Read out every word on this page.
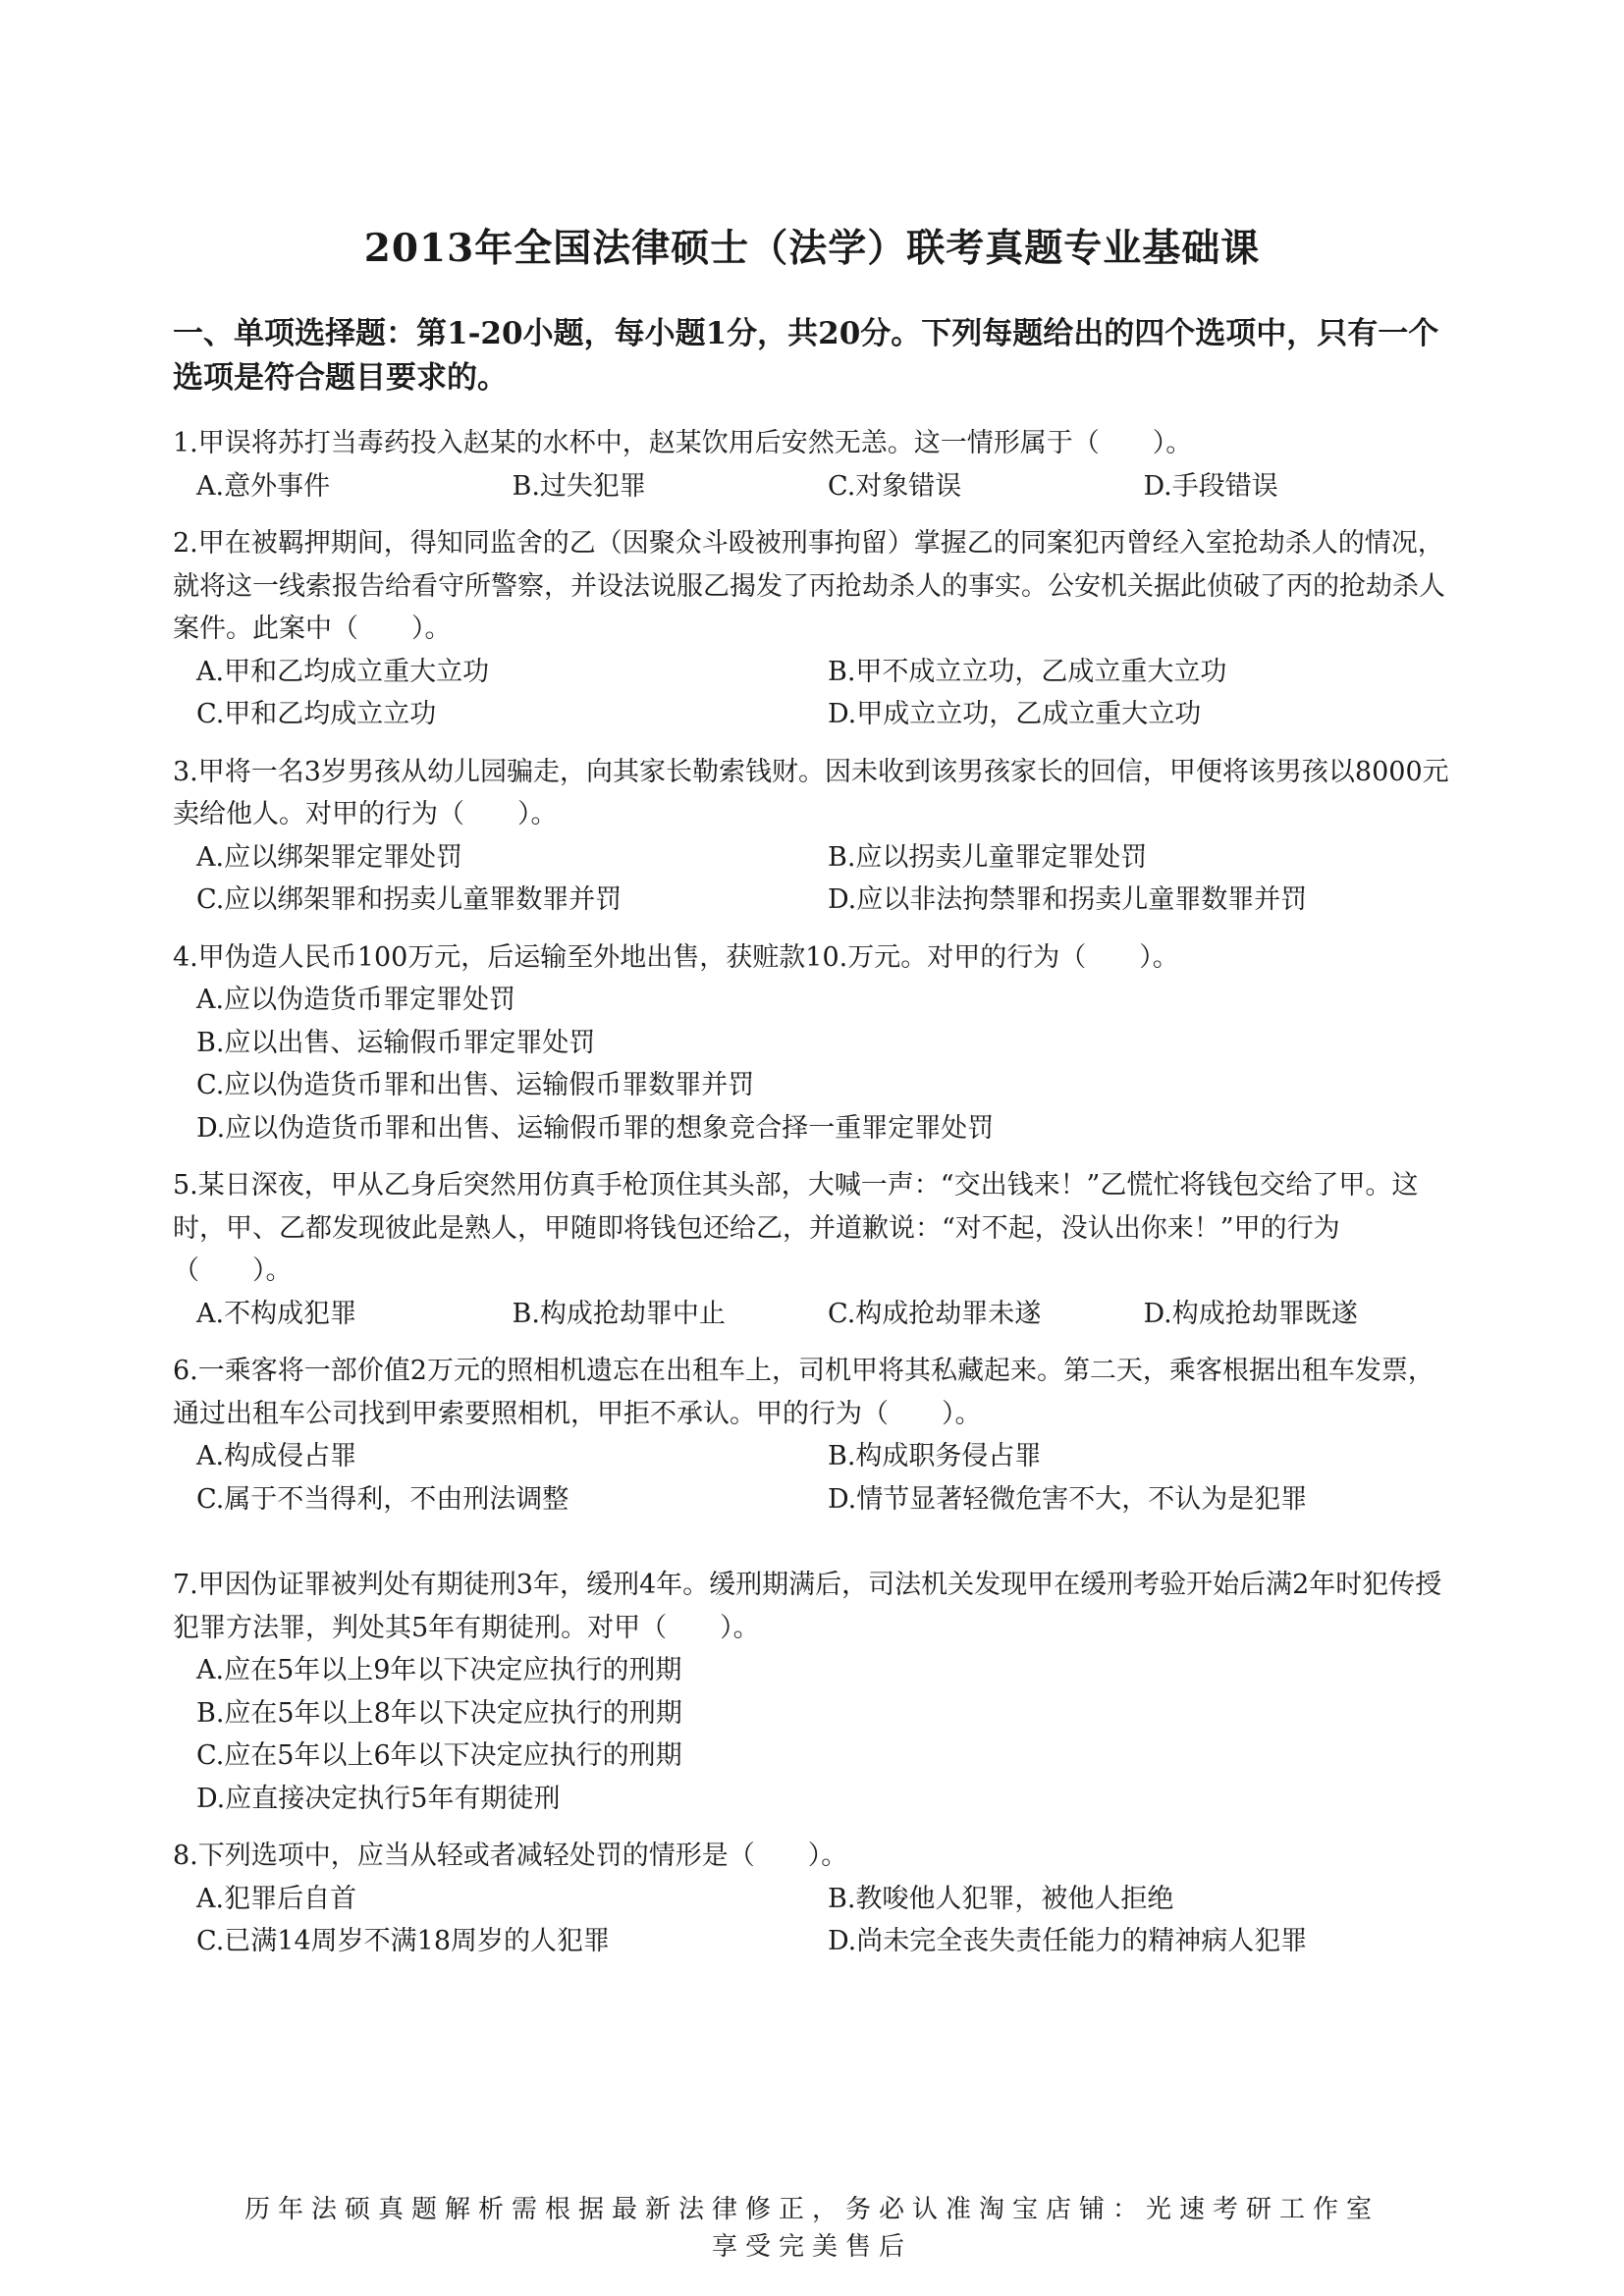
2013年全国法律硕士（法学）联考真题专业基础课
一、单项选择题：第1-20小题，每小题1分，共20分。下列每题给出的四个选项中，只有一个选项是符合题目要求的。

1.甲误将苏打当毒药投入赵某的水杯中，赵某饮用后安然无恙。这一情形属于（　　）。

A.意外事件	B.过失犯罪	C.对象错误	D.手段错误

2.甲在被羁押期间，得知同监舍的乙（因聚众斗殴被刑事拘留）掌握乙的同案犯丙曾经入室抢劫杀人的情况，就将这一线索报告给看守所警察，并设法说服乙揭发了丙抢劫杀人的事实。公安机关据此侦破了丙的抢劫杀人案件。此案中（　　）。

A.甲和乙均成立重大立功	B.甲不成立立功，乙成立重大立功
C.甲和乙均成立立功	D.甲成立立功，乙成立重大立功

3.甲将一名3岁男孩从幼儿园骗走，向其家长勒索钱财。因未收到该男孩家长的回信，甲便将该男孩以8000元卖给他人。对甲的行为（　　）。

A.应以绑架罪定罪处罚	B.应以拐卖儿童罪定罪处罚
C.应以绑架罪和拐卖儿童罪数罪并罚	D.应以非法拘禁罪和拐卖儿童罪数罪并罚

4.甲伪造人民币100万元，后运输至外地出售，获赃款10.万元。对甲的行为（　　）。

A.应以伪造货币罪定罪处罚
B.应以出售、运输假币罪定罪处罚
C.应以伪造货币罪和出售、运输假币罪数罪并罚
D.应以伪造货币罪和出售、运输假币罪的想象竞合择一重罪定罪处罚

5.某日深夜，甲从乙身后突然用仿真手枪顶住其头部，大喊一声：“交出钱来！”乙慌忙将钱包交给了甲。这时，甲、乙都发现彼此是熟人，甲随即将钱包还给乙，并道歉说：“对不起，没认出你来！”甲的行为（　　）。

A.不构成犯罪	B.构成抢劫罪中止	C.构成抢劫罪未遂	D.构成抢劫罪既遂

6.一乘客将一部价值2万元的照相机遗忘在出租车上，司机甲将其私藏起来。第二天，乘客根据出租车发票，通过出租车公司找到甲索要照相机，甲拒不承认。甲的行为（　　）。

A.构成侵占罪	B.构成职务侵占罪
C.属于不当得利，不由刑法调整	D.情节显著轻微危害不大，不认为是犯罪

7.甲因伪证罪被判处有期徒刑3年，缓刑4年。缓刑期满后，司法机关发现甲在缓刑考验开始后满2年时犯传授犯罪方法罪，判处其5年有期徒刑。对甲（　　）。

A.应在5年以上9年以下决定应执行的刑期
B.应在5年以上8年以下决定应执行的刑期
C.应在5年以上6年以下决定应执行的刑期
D.应直接决定执行5年有期徒刑

8.下列选项中，应当从轻或者减轻处罚的情形是（　　）。

A.犯罪后自首	B.教唆他人犯罪，被他人拒绝
C.已满14周岁不满18周岁的人犯罪	D.尚未完全丧失责任能力的精神病人犯罪
历年法硕真题解析需根据最新法律修正，务必认准淘宝店铺：光速考研工作室
享受完美售后
